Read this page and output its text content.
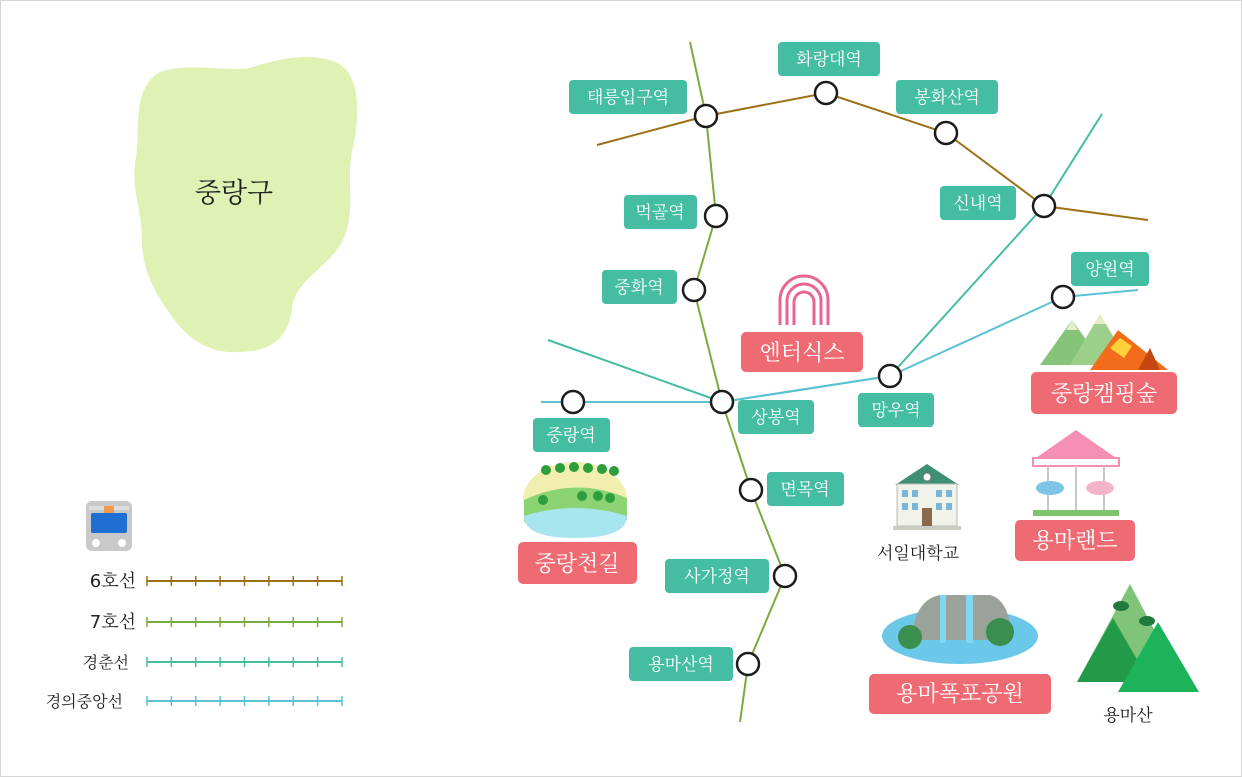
중랑구
태릉입구역
화랑대역
봉화산역
신내역
먹골역
중화역
양원역
상봉역	망우역
중랑역
면목역
사가정역
용마산역
엔터식스
중랑캠핑숲
중랑천길	서일대학교	용마랜드
용마폭포공원
용마산
6호선
7호선
경춘선
경의중앙선
